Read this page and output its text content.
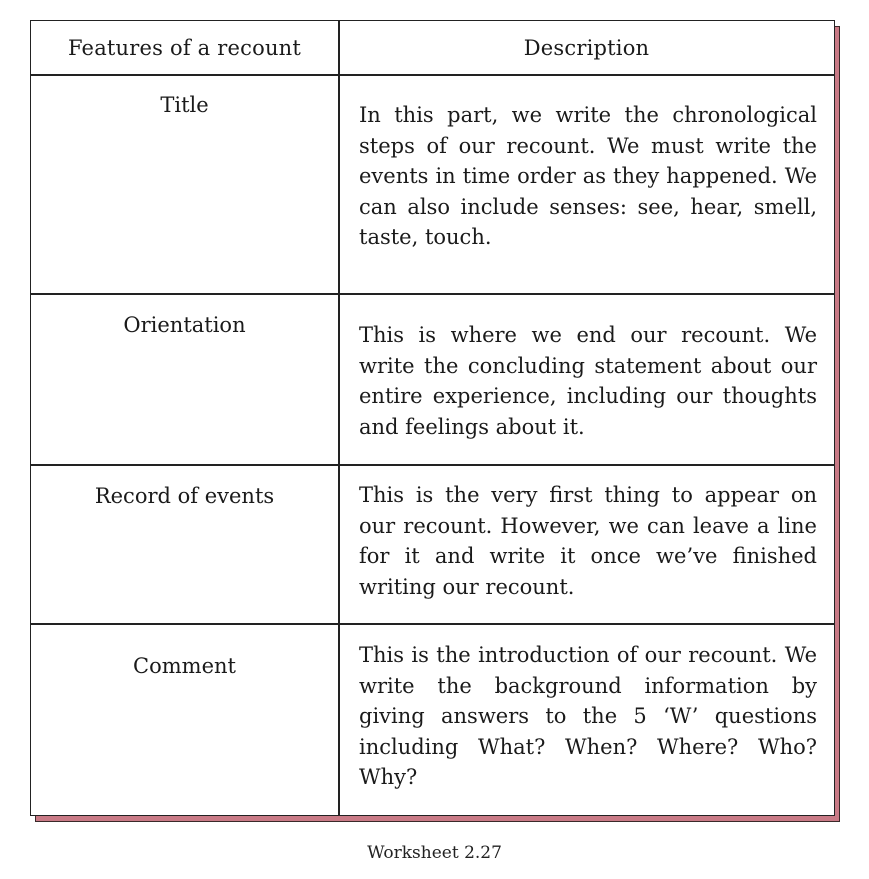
Features of a recount	Description
Title	In this part, we write the chronological steps of our recount. We must write the events in time order as they happened. We can also include senses: see, hear, smell, taste, touch.
Orientation	This is where we end our recount. We write the concluding statement about our entire experience, including our thoughts and feelings about it.
Record of events	This is the very first thing to appear on our recount. However, we can leave a line for it and write it once we’ve finished writing our recount.
Comment	This is the introduction of our recount. We write the background information by giving answers to the 5 ‘W’ questions including What? When? Where? Who? Why?
Worksheet 2.27
